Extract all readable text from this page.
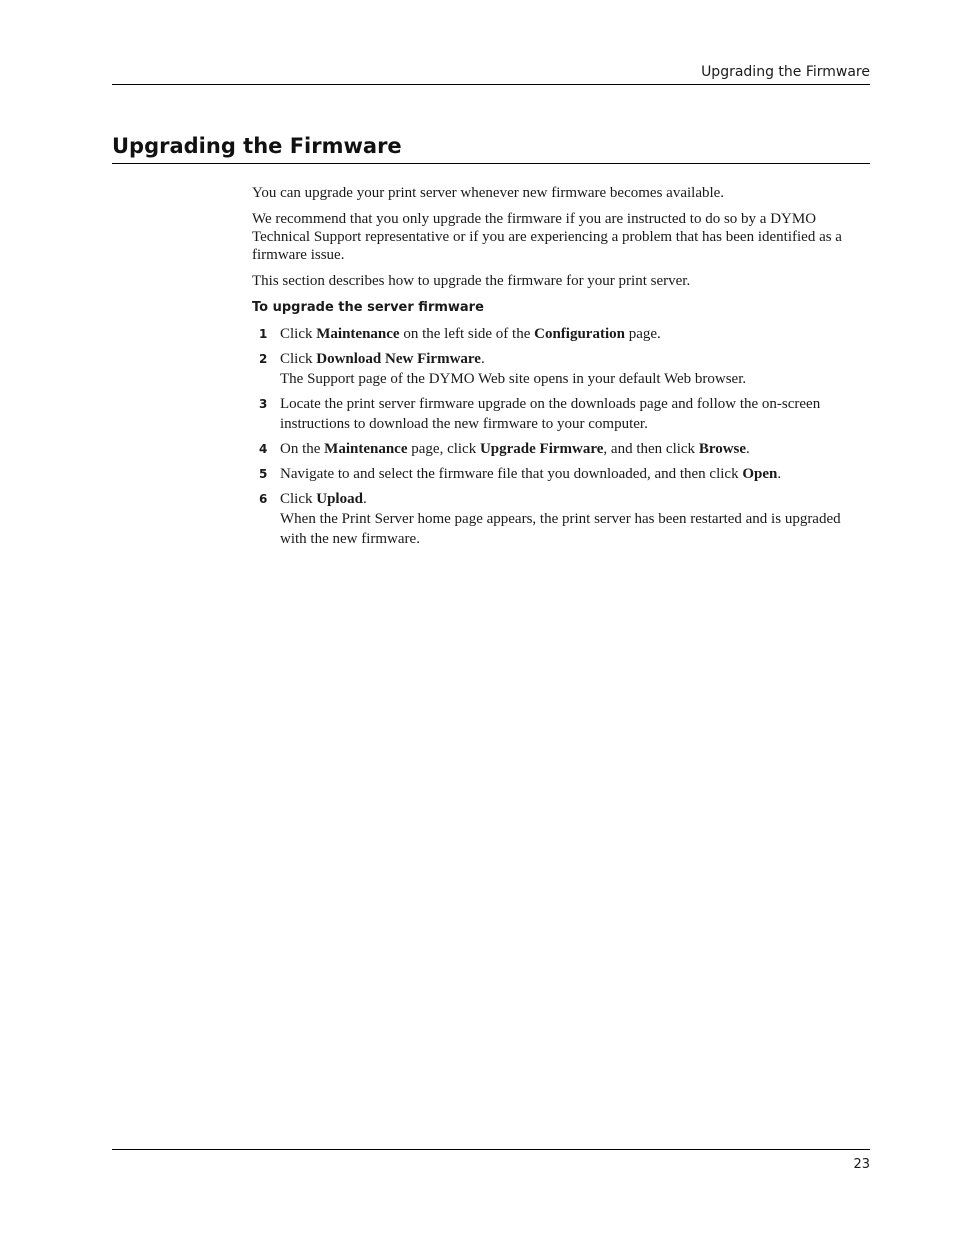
Upgrading the Firmware
Upgrading the Firmware

You can upgrade your print server whenever new firmware becomes available.

We recommend that you only upgrade the firmware if you are instructed to do so by a DYMO Technical Support representative or if you are experiencing a problem that has been identified as a firmware issue.

This section describes how to upgrade the firmware for your print server.

To upgrade the server firmware
1 Click Maintenance on the left side of the Configuration page.
2 Click Download New Firmware.
The Support page of the DYMO Web site opens in your default Web browser.
3 Locate the print server firmware upgrade on the downloads page and follow the on-screen instructions to download the new firmware to your computer.
4 On the Maintenance page, click Upgrade Firmware, and then click Browse.
5 Navigate to and select the firmware file that you downloaded, and then click Open.
6 Click Upload.
When the Print Server home page appears, the print server has been restarted and is upgraded with the new firmware.
23
